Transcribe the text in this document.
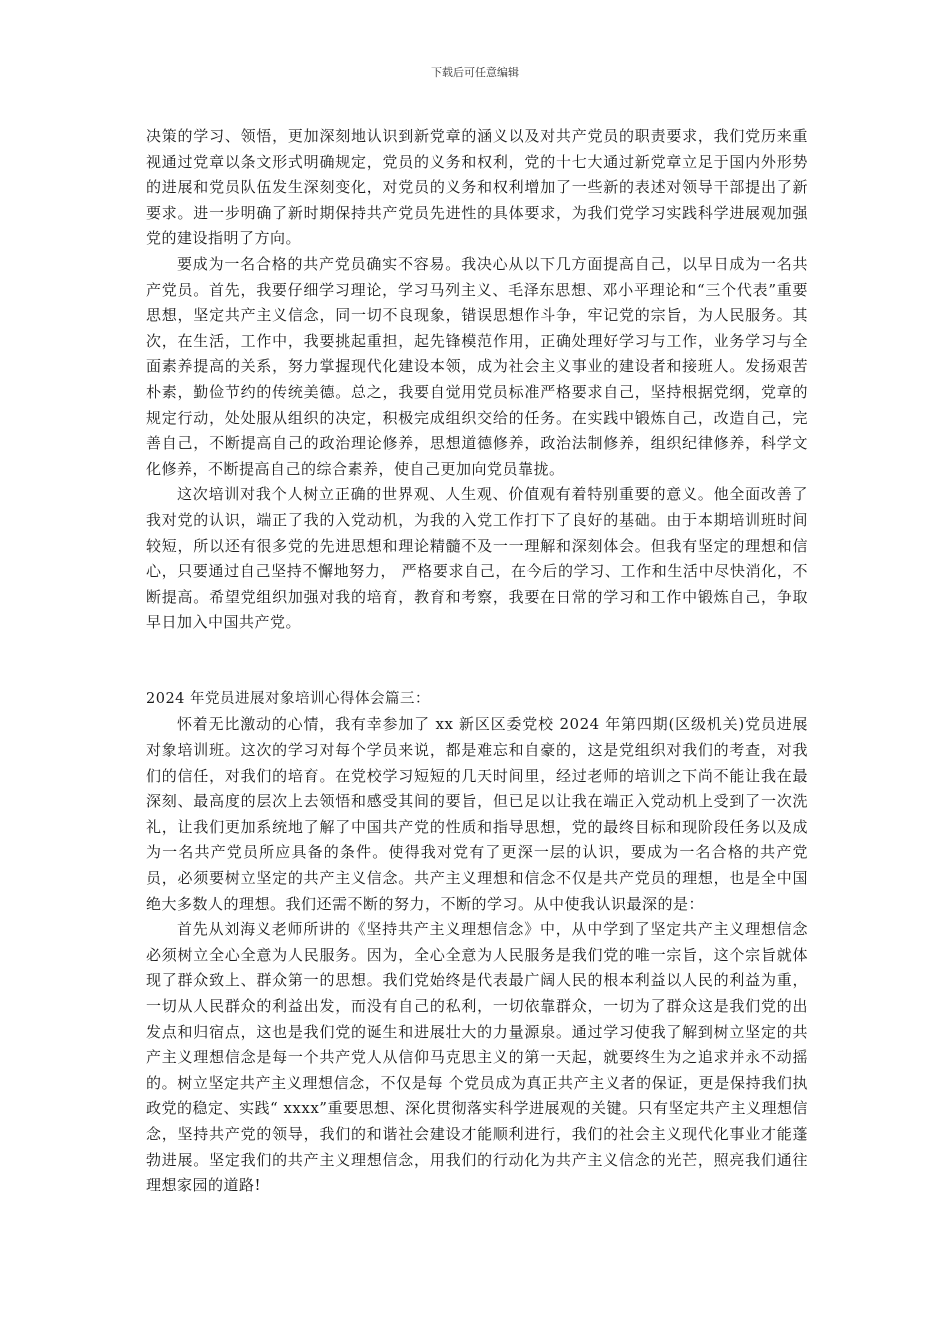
下载后可任意编辑

决策的学习、领悟，更加深刻地认识到新党章的涵义以及对共产党员的职责要求，我们党历来重视通过党章以条文形式明确规定，党员的义务和权利，党的十七大通过新党章立足于国内外形势的进展和党员队伍发生深刻变化，对党员的义务和权利增加了一些新的表述对领导干部提出了新要求。进一步明确了新时期保持共产党员先进性的具体要求，为我们党学习实践科学进展观加强党的建设指明了方向。

要成为一名合格的共产党员确实不容易。我决心从以下几方面提高自己，以早日成为一名共产党员。首先，我要仔细学习理论，学习马列主义、毛泽东思想、邓小平理论和“三个代表”重要思想，坚定共产主义信念，同一切不良现象，错误思想作斗争，牢记党的宗旨，为人民服务。其次，在生活，工作中，我要挑起重担，起先锋模范作用，正确处理好学习与工作，业务学习与全面素养提高的关系，努力掌握现代化建设本领，成为社会主义事业的建设者和接班人。发扬艰苦朴素，勤俭节约的传统美德。总之，我要自觉用党员标准严格要求自己，坚持根据党纲，党章的规定行动，处处服从组织的决定，积极完成组织交给的任务。在实践中锻炼自己，改造自己，完善自己，不断提高自己的政治理论修养，思想道德修养，政治法制修养，组织纪律修养，科学文化修养，不断提高自己的综合素养，使自己更加向党员靠拢。

这次培训对我个人树立正确的世界观、人生观、价值观有着特别重要的意义。他全面改善了我对党的认识，端正了我的入党动机，为我的入党工作打下了良好的基础。由于本期培训班时间较短，所以还有很多党的先进思想和理论精髓不及一一理解和深刻体会。但我有坚定的理想和信心，只要通过自己坚持不懈地努力， 严格要求自己，在今后的学习、工作和生活中尽快消化，不断提高。希望党组织加强对我的培育，教育和考察，我要在日常的学习和工作中锻炼自己，争取早日加入中国共产党。

2024 年党员进展对象培训心得体会篇三：

怀着无比激动的心情，我有幸参加了 xx 新区区委党校 2024 年第四期(区级机关)党员进展对象培训班。这次的学习对每个学员来说，都是难忘和自豪的，这是党组织对我们的考查，对我们的信任，对我们的培育。在党校学习短短的几天时间里，经过老师的培训之下尚不能让我在最深刻、最高度的层次上去领悟和感受其间的要旨，但已足以让我在端正入党动机上受到了一次洗礼，让我们更加系统地了解了中国共产党的性质和指导思想，党的最终目标和现阶段任务以及成为一名共产党员所应具备的条件。使得我对党有了更深一层的认识，要成为一名合格的共产党员，必须要树立坚定的共产主义信念。共产主义理想和信念不仅是共产党员的理想，也是全中国绝大多数人的理想。我们还需不断的努力，不断的学习。从中使我认识最深的是：

首先从刘海义老师所讲的《坚持共产主义理想信念》中，从中学到了坚定共产主义理想信念必须树立全心全意为人民服务。因为，全心全意为人民服务是我们党的唯一宗旨，这个宗旨就体现了群众致上、群众第一的思想。我们党始终是代表最广阔人民的根本利益以人民的利益为重，一切从人民群众的利益出发，而没有自己的私利，一切依靠群众，一切为了群众这是我们党的出发点和归宿点，这也是我们党的诞生和进展壮大的力量源泉。通过学习使我了解到树立坚定的共产主义理想信念是每一个共产党人从信仰马克思主义的第一天起，就要终生为之追求并永不动摇的。树立坚定共产主义理想信念，不仅是每 个党员成为真正共产主义者的保证，更是保持我们执政党的稳定、实践“ xxxx”重要思想、深化贯彻落实科学进展观的关键。只有坚定共产主义理想信念，坚持共产党的领导，我们的和谐社会建设才能顺利进行，我们的社会主义现代化事业才能蓬勃进展。坚定我们的共产主义理想信念，用我们的行动化为共产主义信念的光芒，照亮我们通往理想家园的道路!
